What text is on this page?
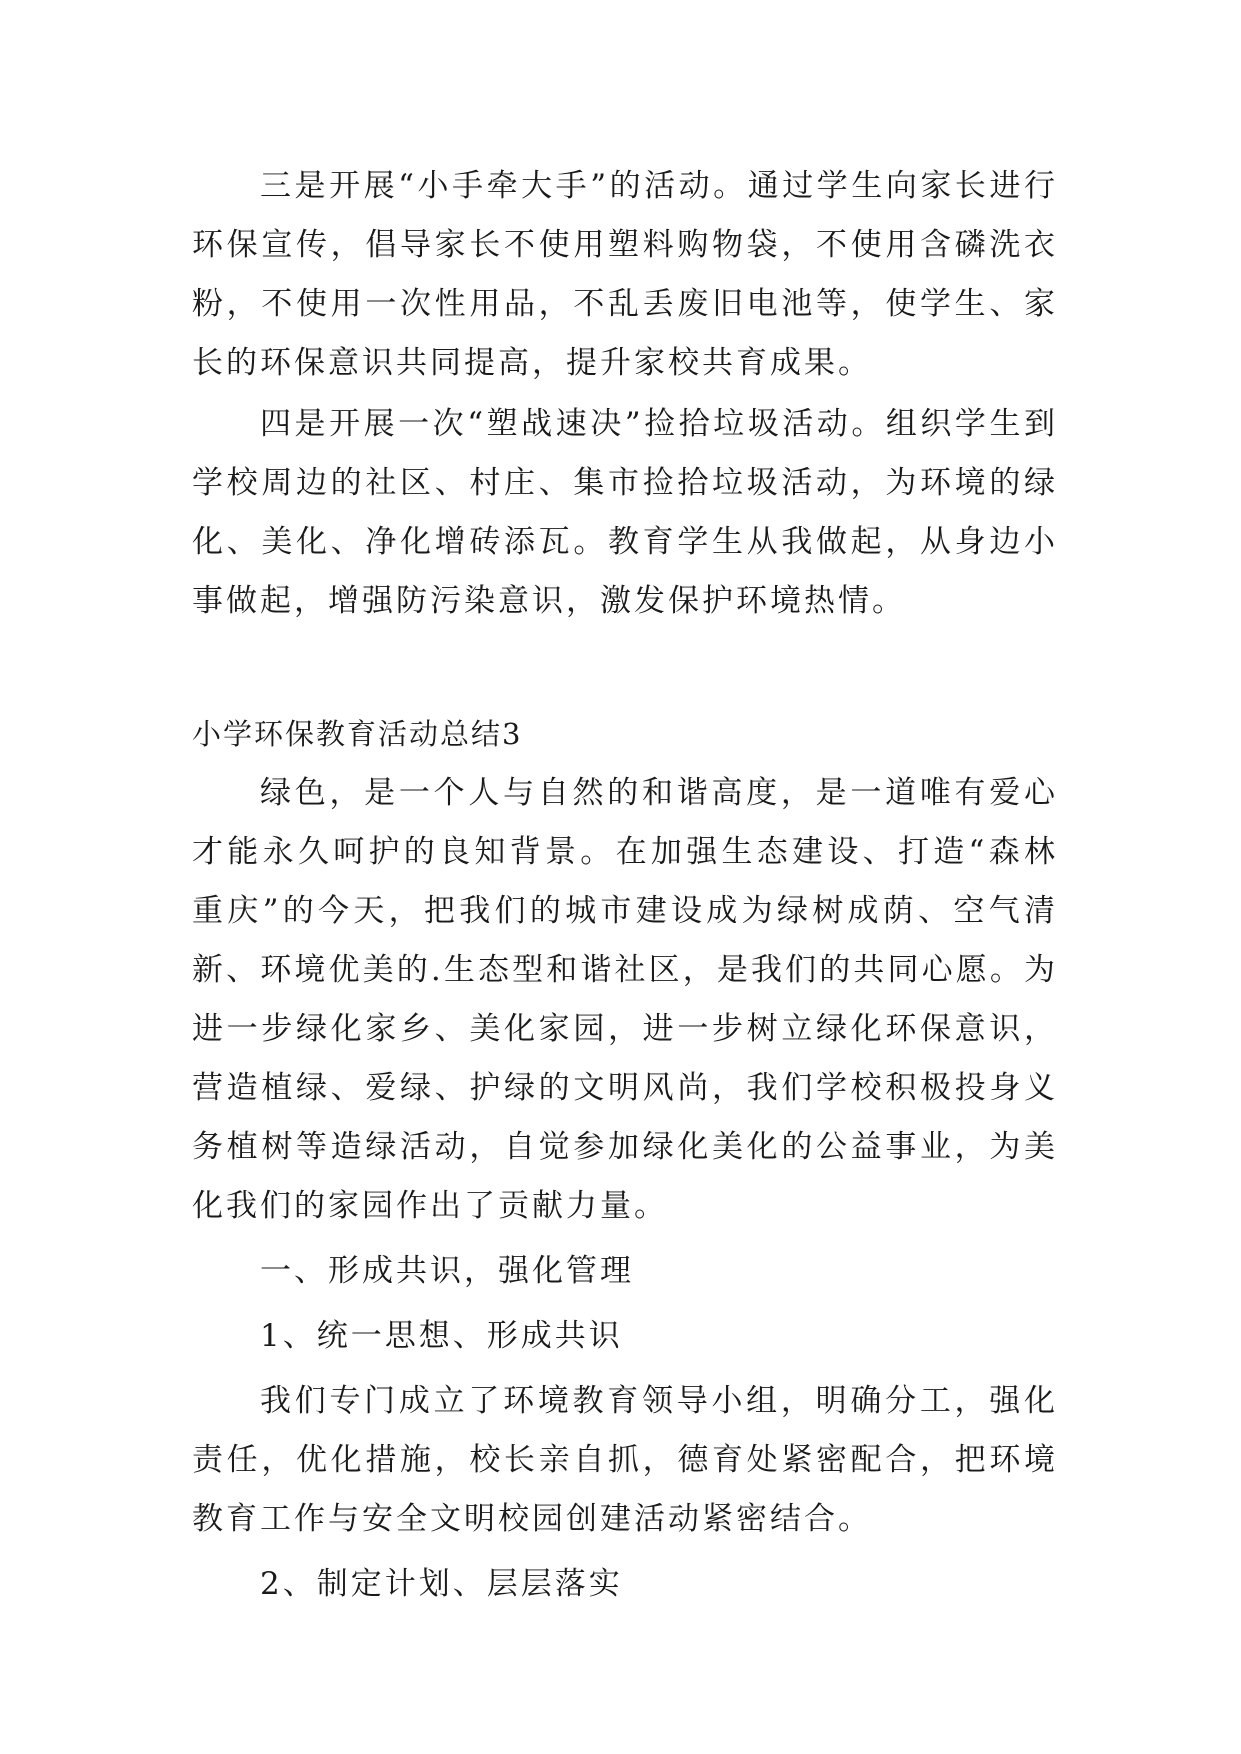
三是开展“小手牵大手”的活动。通过学生向家长进行环保宣传，倡导家长不使用塑料购物袋，不使用含磷洗衣粉，不使用一次性用品，不乱丢废旧电池等，使学生、家长的环保意识共同提高，提升家校共育成果。

四是开展一次“塑战速决”捡拾垃圾活动。组织学生到学校周边的社区、村庄、集市捡拾垃圾活动，为环境的绿化、美化、净化增砖添瓦。教育学生从我做起，从身边小事做起，增强防污染意识，激发保护环境热情。

小学环保教育活动总结3

绿色，是一个人与自然的和谐高度，是一道唯有爱心才能永久呵护的良知背景。在加强生态建设、打造“森林重庆”的今天，把我们的城市建设成为绿树成荫、空气清新、环境优美的.生态型和谐社区，是我们的共同心愿。为进一步绿化家乡、美化家园，进一步树立绿化环保意识，营造植绿、爱绿、护绿的文明风尚，我们学校积极投身义务植树等造绿活动，自觉参加绿化美化的公益事业，为美化我们的家园作出了贡献力量。

一、形成共识，强化管理

1、统一思想、形成共识

我们专门成立了环境教育领导小组，明确分工，强化责任，优化措施，校长亲自抓，德育处紧密配合，把环境教育工作与安全文明校园创建活动紧密结合。

2、制定计划、层层落实
